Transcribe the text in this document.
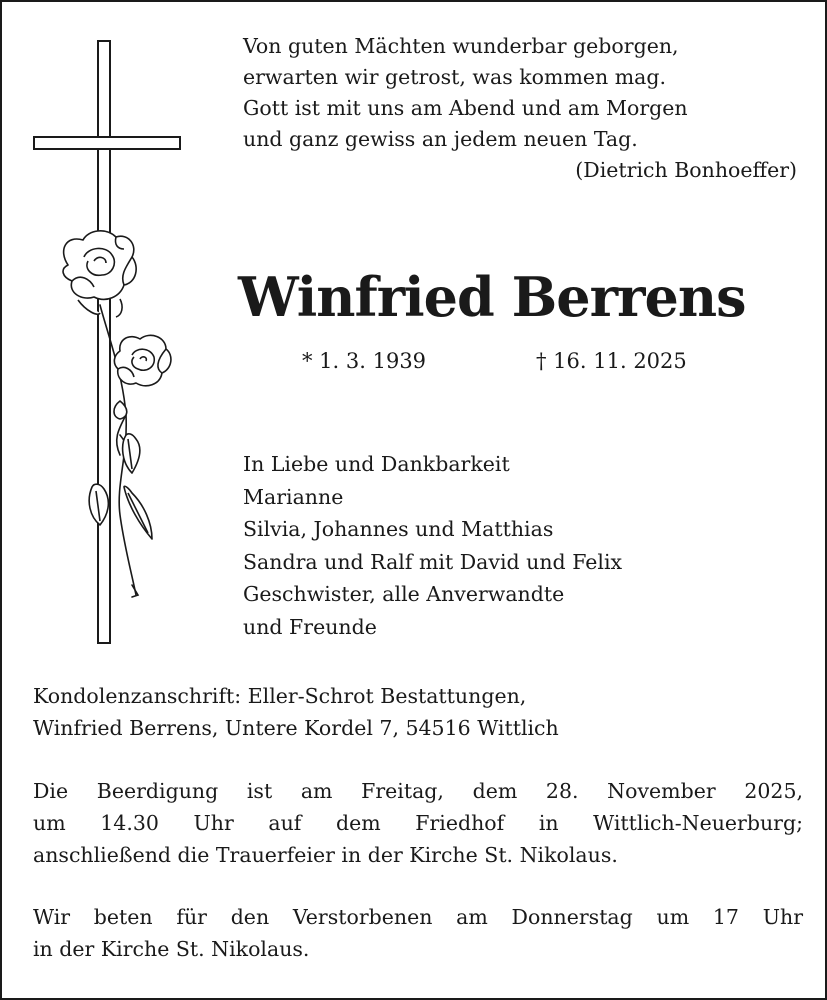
Von guten Mächten wunderbar geborgen,
erwarten wir getrost, was kommen mag.
Gott ist mit uns am Abend und am Morgen
und ganz gewiss an jedem neuen Tag.
(Dietrich Bonhoeffer)
Winfried Berrens
* 1. 3. 1939	† 16. 11. 2025
In Liebe und Dankbarkeit
Marianne
Silvia, Johannes und Matthias
Sandra und Ralf mit David und Felix
Geschwister, alle Anverwandte
und Freunde
Kondolenzanschrift: Eller-Schrot Bestattungen,
Winfried Berrens, Untere Kordel 7, 54516 Wittlich
Die Beerdigung ist am Freitag, dem 28. November 2025,
um 14.30 Uhr auf dem Friedhof in Wittlich-Neuerburg;
anschließend die Trauerfeier in der Kirche St. Nikolaus.
Wir beten für den Verstorbenen am Donnerstag um 17 Uhr
in der Kirche St. Nikolaus.
